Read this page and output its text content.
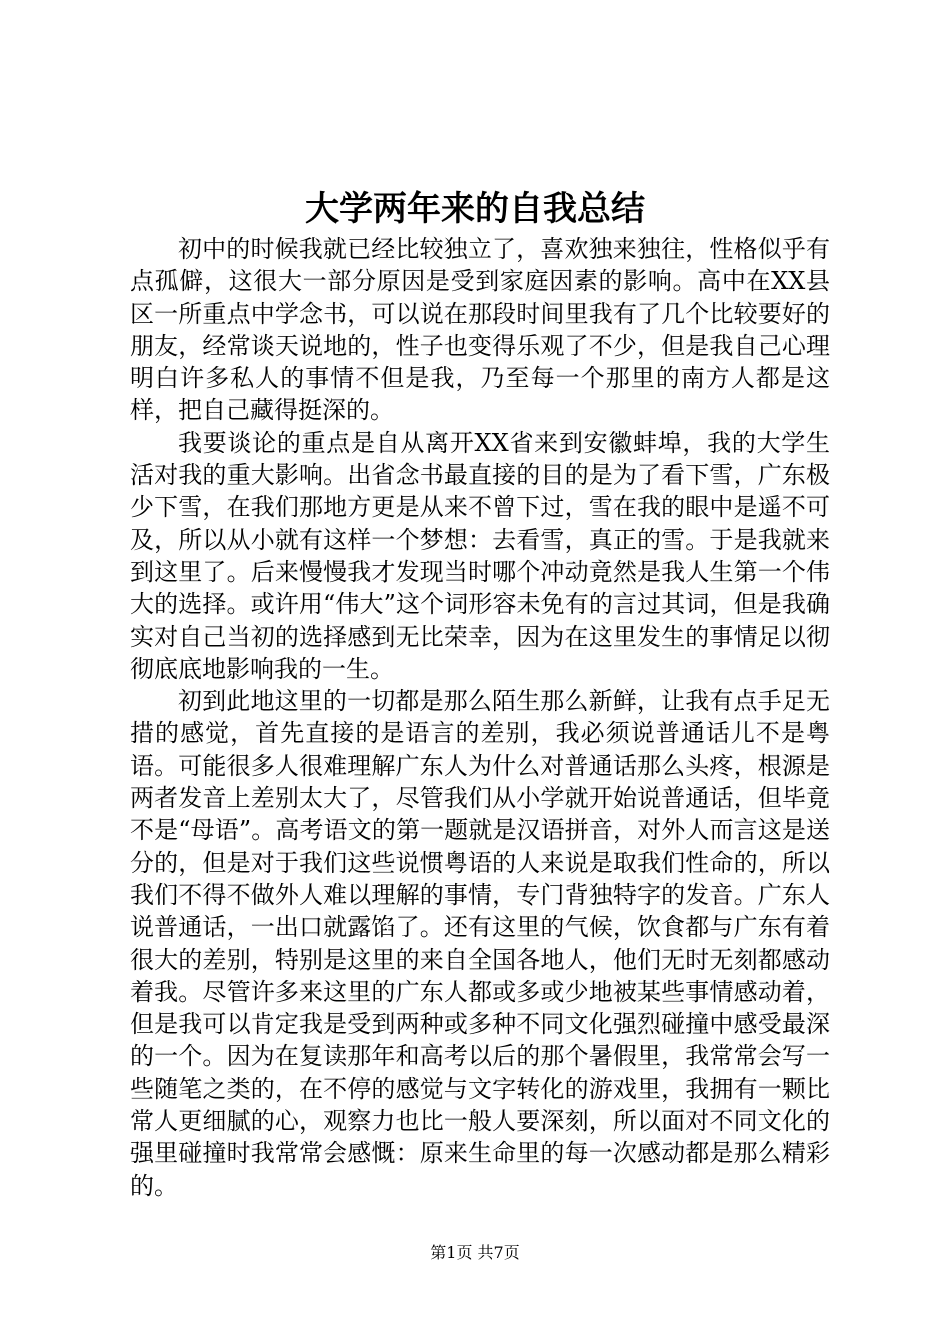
大学两年来的自我总结

初中的时候我就已经比较独立了，喜欢独来独往，性格似乎有点孤僻，这很大一部分原因是受到家庭因素的影响。高中在XX县区一所重点中学念书，可以说在那段时间里我有了几个比较要好的朋友，经常谈天说地的，性子也变得乐观了不少，但是我自己心理明白许多私人的事情不但是我，乃至每一个那里的南方人都是这样，把自己藏得挺深的。

我要谈论的重点是自从离开XX省来到安徽蚌埠，我的大学生活对我的重大影响。出省念书最直接的目的是为了看下雪，广东极少下雪，在我们那地方更是从来不曾下过，雪在我的眼中是遥不可及，所以从小就有这样一个梦想：去看雪，真正的雪。于是我就来到这里了。后来慢慢我才发现当时哪个冲动竟然是我人生第一个伟大的选择。或许用“伟大”这个词形容未免有的言过其词，但是我确实对自己当初的选择感到无比荣幸，因为在这里发生的事情足以彻彻底底地影响我的一生。

初到此地这里的一切都是那么陌生那么新鲜，让我有点手足无措的感觉，首先直接的是语言的差别，我必须说普通话儿不是粤语。可能很多人很难理解广东人为什么对普通话那么头疼，根源是两者发音上差别太大了，尽管我们从小学就开始说普通话，但毕竟不是“母语”。高考语文的第一题就是汉语拼音，对外人而言这是送分的，但是对于我们这些说惯粤语的人来说是取我们性命的，所以我们不得不做外人难以理解的事情，专门背独特字的发音。广东人说普通话，一出口就露馅了。还有这里的气候，饮食都与广东有着很大的差别，特别是这里的来自全国各地人，他们无时无刻都感动着我。尽管许多来这里的广东人都或多或少地被某些事情感动着，但是我可以肯定我是受到两种或多种不同文化强烈碰撞中感受最深的一个。因为在复读那年和高考以后的那个暑假里，我常常会写一些随笔之类的，在不停的感觉与文字转化的游戏里，我拥有一颗比常人更细腻的心，观察力也比一般人要深刻，所以面对不同文化的强里碰撞时我常常会感慨：原来生命里的每一次感动都是那么精彩的。

第1页 共7页
